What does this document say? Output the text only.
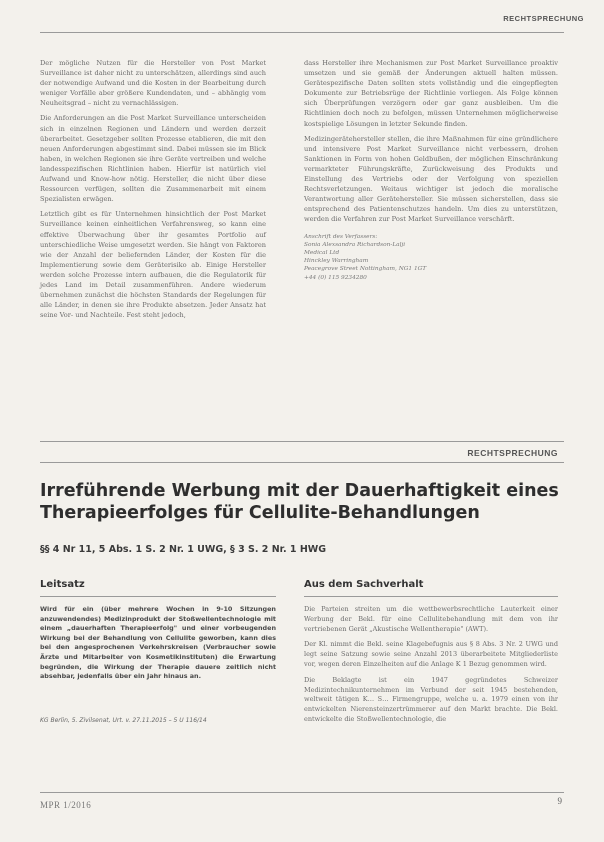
RECHTSPRECHUNG

Der mögliche Nutzen für die Hersteller von Post Market Surveillance ist daher nicht zu unterschätzen, allerdings sind auch der notwendige Aufwand und die Kosten in der Bearbeitung durch weniger Vorfälle aber größere Kundendaten, und – abhängig vom Neuheitsgrad – nicht zu vernachlässigen.

Die Anforderungen an die Post Market Surveillance unterscheiden sich in einzelnen Regionen und Ländern und werden derzeit überarbeitet. Gesetzgeber sollten Prozesse etablieren, die mit den neuen Anforderungen abgestimmt sind. Dabei müssen sie im Blick haben, in welchen Regionen sie ihre Geräte vertreiben und welche landesspezifischen Richtlinien haben. Hierfür ist natürlich viel Aufwand und Know-how nötig. Hersteller, die nicht über diese Ressourcen verfügen, sollten die Zusammenarbeit mit einem Spezialisten erwägen.

Letztlich gibt es für Unternehmen hinsichtlich der Post Market Surveillance keinen einheitlichen Verfahrensweg, so kann eine effektive Überwachung über ihr gesamtes Portfolio auf unterschiedliche Weise umgesetzt werden. Sie hängt von Faktoren wie der Anzahl der beliefernden Länder, der Kosten für die Implementierung sowie dem Geräterisiko ab. Einige Hersteller werden solche Prozesse intern aufbauen, die die Regulatorik für jedes Land im Detail zusammenführen. Andere wiederum übernehmen zunächst die höchsten Standards der Regelungen für alle Länder, in denen sie ihre Produkte absetzen. Jeder Ansatz hat seine Vor- und Nachteile. Fest steht jedoch,

dass Hersteller ihre Mechanismen zur Post Market Surveillance proaktiv umsetzen und sie gemäß der Änderungen aktuell halten müssen. Gerätespezifische Daten sollten stets vollständig und die eingepflegten Dokumente zur Betriebsrüge der Richtlinie vorliegen. Als Folge können sich Überprüfungen verzögern oder gar ganz ausbleiben. Um die Richtlinien doch noch zu befolgen, müssen Unternehmen möglicherweise kostspielige Lösungen in letzter Sekunde finden.

Medizingerätehersteller stellen, die ihre Maßnahmen für eine gründlichere und intensivere Post Market Surveillance nicht verbessern, drohen Sanktionen in Form von hohen Geldbußen, der möglichen Einschränkung vermarkteter Führungskräfte, Zurückweisung des Produkts und Einstellung des Vertriebs oder der Verfolgung von speziellen Rechtsverletzungen. Weitaus wichtiger ist jedoch die moralische Verantwortung aller Gerätehersteller. Sie müssen sicherstellen, dass sie entsprechend des Patientenschutzes handeln. Um dies zu unterstützen, werden die Verfahren zur Post Market Surveillance verschärft.

Anschrift des Verfassers:
Sonia Alexsandra Richardson-Lalji
Medical Ltd
Hinckley Warringham
Peacegrove Street Nottingham, NG1 1GT
+44 (0) 115 9234280
RECHTSPRECHUNG
Irreführende Werbung mit der Dauerhaftigkeit eines Therapieerfolges für Cellulite-Behandlungen
§§ 4 Nr 11, 5 Abs. 1 S. 2 Nr. 1 UWG, § 3 S. 2 Nr. 1 HWG
Leitsatz
Wird für ein (über mehrere Wochen in 9-10 Sitzungen anzuwendendes) Medizinprodukt der Stoßwellentechnologie mit einem „dauerhaften Therapieerfolg" und einer vorbeugenden Wirkung bei der Behandlung von Cellulite geworben, kann dies bei den angesprochenen Verkehrskreisen (Verbraucher sowie Ärzte und Mitarbeiter von Kosmetikinstituten) die Erwartung begründen, die Wirkung der Therapie dauere zeitlich nicht absehbar, jedenfalls über ein Jahr hinaus an.
KG Berlin, 5. Zivilsenat, Urt. v. 27.11.2015 – 5 U 116/14
Aus dem Sachverhalt

Die Parteien streiten um die wettbewerbsrechtliche Lauterkeit einer Werbung der Bekl. für eine Cellulitebehandlung mit dem von ihr vertriebenen Gerät „Akustische Wellentherapie" (AWT).

Der Kl. nimmt die Bekl. seine Klagebefugnis aus § 8 Abs. 3 Nr. 2 UWG und legt seine Satzung sowie seine Anzahl 2013 überarbeitete Mitgliederliste vor, wegen deren Einzelheiten auf die Anlage K 1 Bezug genommen wird.

Die Beklagte ist ein 1947 gegründetes Schweizer Medizintechnikunternehmen im Verbund der seit 1945 bestehenden, weltweit tätigen K… S… Firmengruppe, welche u. a. 1979 einen von ihr entwickelten Nierensteinzertrümmerer auf den Markt brachte. Die Bekl. entwickelte die Stoßwellentechnologie, die

MPR 1/2016	9
